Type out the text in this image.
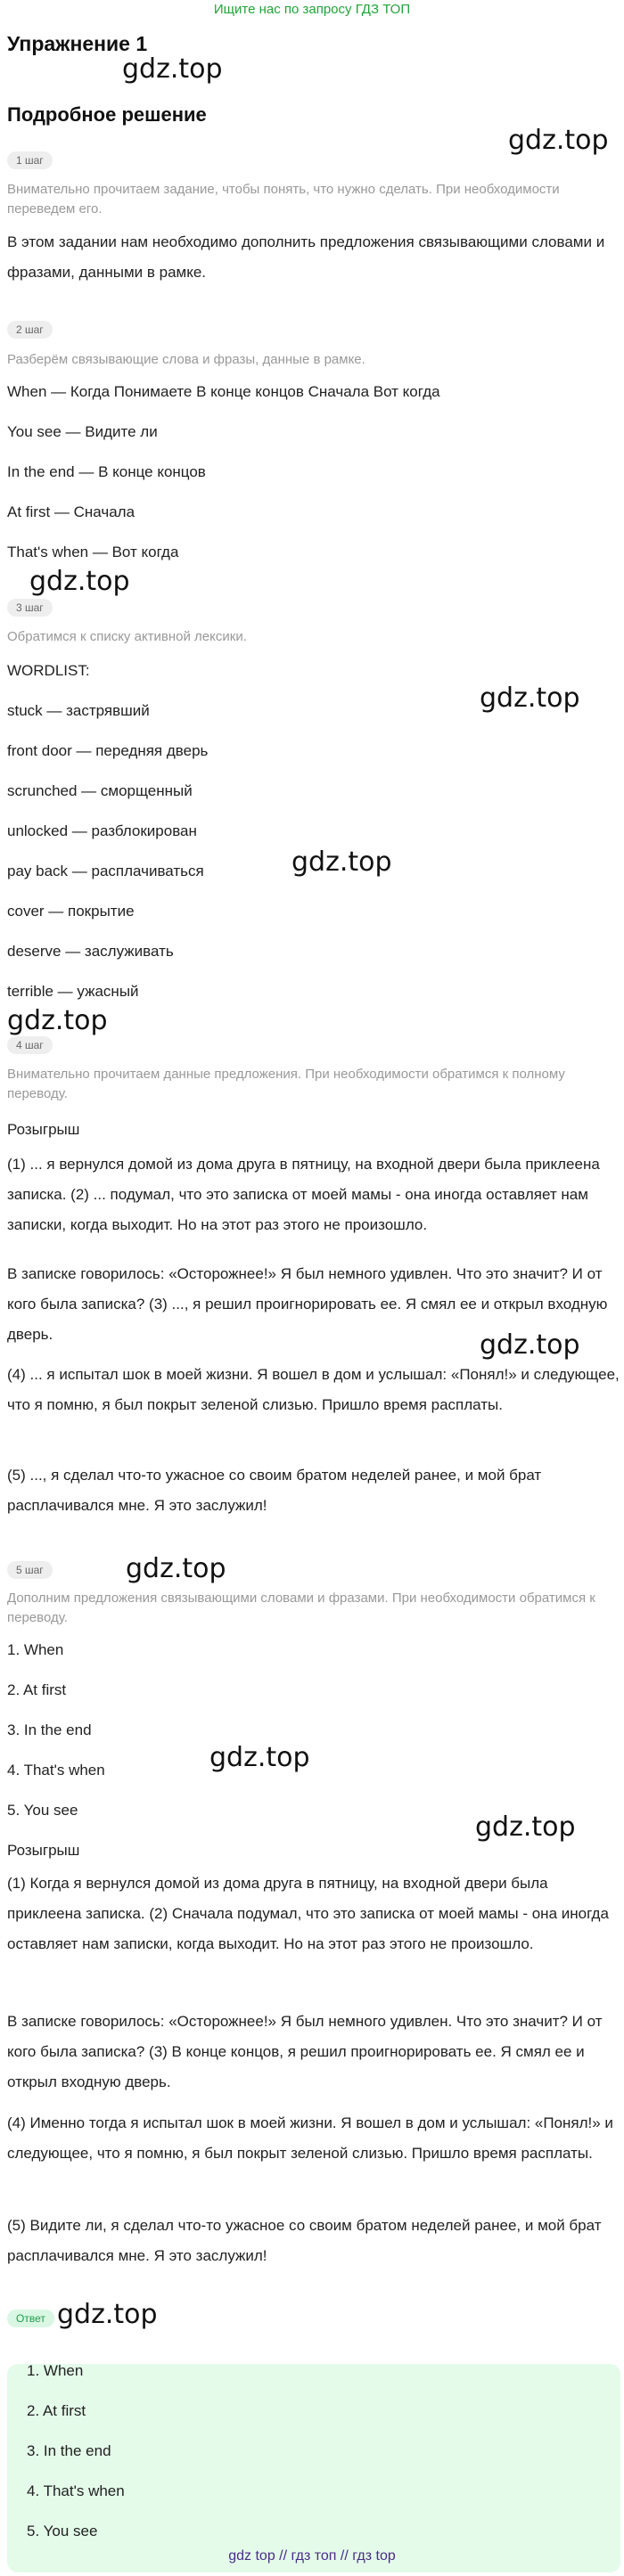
Ищите нас по запросу ГДЗ ТОП
Упражнение 1
Подробное решение
gdz.top
gdz.top
gdz.top
gdz.top
gdz.top
gdz.top
gdz.top
gdz.top
gdz.top
gdz.top
gdz.top
1 шаг
Внимательно прочитаем задание, чтобы понять, что нужно сделать. При необходимости переведем его.
В этом задании нам необходимо дополнить предложения связывающими словами и фразами, данными в рамке.
2 шаг
Разберём связывающие слова и фразы, данные в рамке.
When — Когда Понимаете В конце концов Сначала Вот когда
You see — Видите ли
In the end — В конце концов
At first — Сначала
That's when — Вот когда
3 шаг
Обратимся к списку активной лексики.
WORDLIST:
stuck — застрявший
front door — передняя дверь
scrunched — сморщенный
unlocked — разблокирован
pay back — расплачиваться
cover — покрытие
deserve — заслуживать
terrible — ужасный
4 шаг
Внимательно прочитаем данные предложения. При необходимости обратимся к полному переводу.
Розыгрыш
(1) ... я вернулся домой из дома друга в пятницу, на входной двери была приклеена записка. (2) ... подумал, что это записка от моей мамы - она иногда оставляет нам записки, когда выходит. Но на этот раз этого не произошло.
В записке говорилось: «Осторожнее!» Я был немного удивлен. Что это значит? И от кого была записка? (3) ..., я решил проигнорировать ее. Я смял ее и открыл входную дверь.
(4) ... я испытал шок в моей жизни. Я вошел в дом и услышал: «Понял!» и следующее, что я помню, я был покрыт зеленой слизью. Пришло время расплаты.
(5) ..., я сделал что-то ужасное со своим братом неделей ранее, и мой брат расплачивался мне. Я это заслужил!
5 шаг
Дополним предложения связывающими словами и фразами. При необходимости обратимся к переводу.
1. When
2. At first
3. In the end
4. That's when
5. You see
Розыгрыш
(1) Когда я вернулся домой из дома друга в пятницу, на входной двери была приклеена записка. (2) Сначала подумал, что это записка от моей мамы - она иногда оставляет нам записки, когда выходит. Но на этот раз этого не произошло.
В записке говорилось: «Осторожнее!» Я был немного удивлен. Что это значит? И от кого была записка? (3) В конце концов, я решил проигнорировать ее. Я смял ее и открыл входную дверь.
(4) Именно тогда я испытал шок в моей жизни. Я вошел в дом и услышал: «Понял!» и следующее, что я помню, я был покрыт зеленой слизью. Пришло время расплаты.
(5) Видите ли, я сделал что-то ужасное со своим братом неделей ранее, и мой брат расплачивался мне. Я это заслужил!
Ответ
1. When
2. At first
3. In the end
4. That's when
5. You see
gdz top // гдз топ // гдз top
